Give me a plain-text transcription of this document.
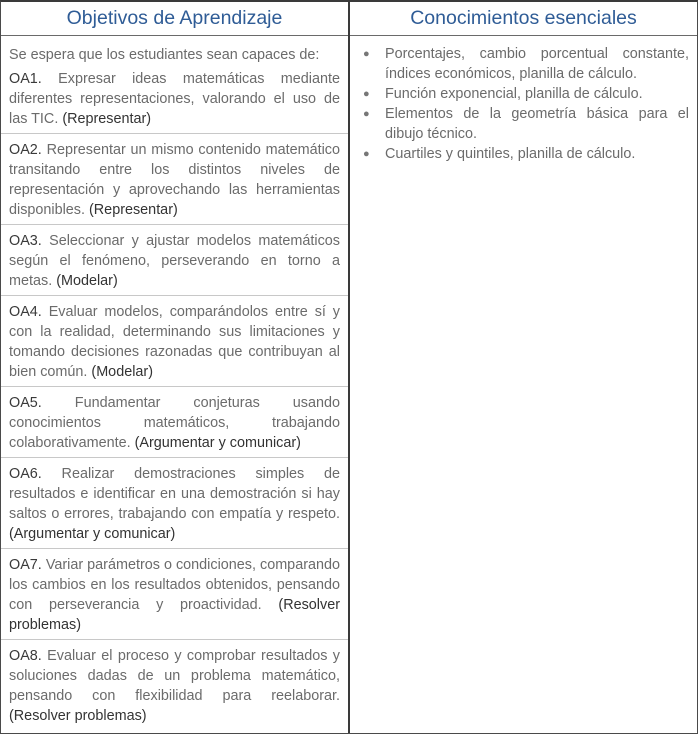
Objetivos de Aprendizaje
Se espera que los estudiantes sean capaces de:
OA1. Expresar ideas matemáticas mediante diferentes representaciones, valorando el uso de las TIC. (Representar)
OA2. Representar un mismo contenido matemático transitando entre los distintos niveles de representación y aprovechando las herramientas disponibles. (Representar)
OA3. Seleccionar y ajustar modelos matemáticos según el fenómeno, perseverando en torno a metas. (Modelar)
OA4. Evaluar modelos, comparándolos entre sí y con la realidad, determinando sus limitaciones y tomando decisiones razonadas que contribuyan al bien común. (Modelar)
OA5. Fundamentar conjeturas usando conocimientos matemáticos, trabajando colaborativamente. (Argumentar y comunicar)
OA6. Realizar demostraciones simples de resultados e identificar en una demostración si hay saltos o errores, trabajando con empatía y respeto. (Argumentar y comunicar)
OA7. Variar parámetros o condiciones, comparando los cambios en los resultados obtenidos, pensando con perseverancia y proactividad. (Resolver problemas)
OA8. Evaluar el proceso y comprobar resultados y soluciones dadas de un problema matemático, pensando con flexibilidad para reelaborar. (Resolver problemas)
Conocimientos esenciales
● Porcentajes, cambio porcentual constante, índices económicos, planilla de cálculo.
● Función exponencial, planilla de cálculo.
● Elementos de la geometría básica para el dibujo técnico.
● Cuartiles y quintiles, planilla de cálculo.
